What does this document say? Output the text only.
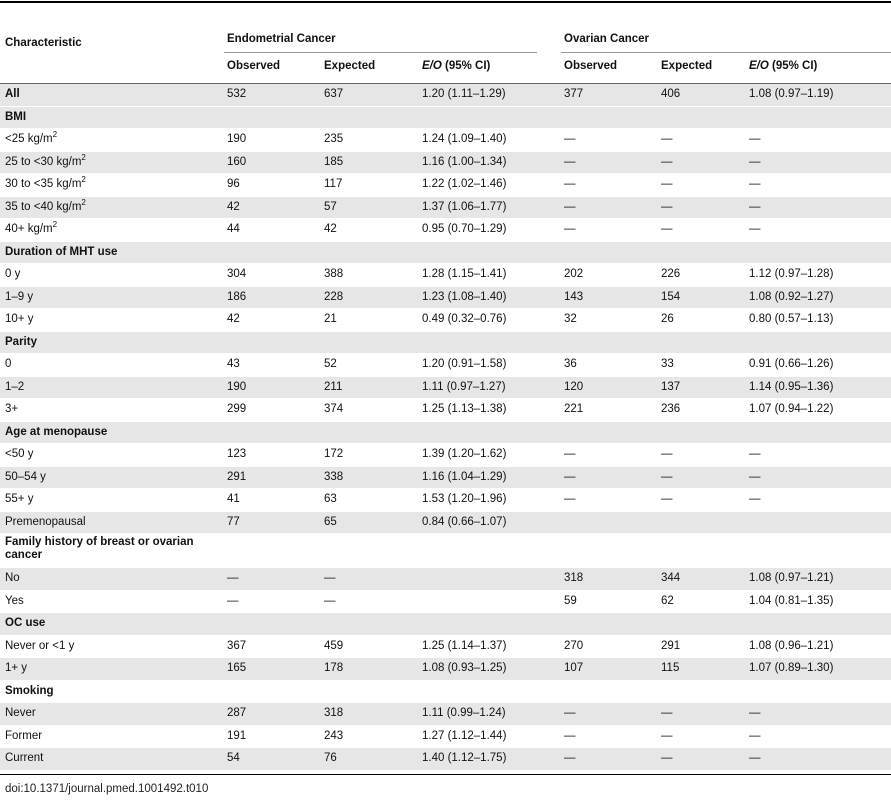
Characteristic	Endometrial Cancer	Ovarian Cancer
Observed	Expected	E/O (95% CI)	Observed	Expected	E/O (95% CI)
All	532	637	1.20 (1.11–1.29)	377	406	1.08 (0.97–1.19)
BMI
<25 $kg/m^2$	190	235	1.24 (1.09–1.40)	—	—	—
25 to <30 $kg/m^2$	160	185	1.16 (1.00–1.34)	—	—	—
30 to <35 $kg/m^2$	96	117	1.22 (1.02–1.46)	—	—	—
35 to <40 $kg/m^2$	42	57	1.37 (1.06–1.77)	—	—	—
$40+ kg/m^2$	44	42	0.95 (0.70–1.29)	—	—	—
Duration of MHT use
0 y	304	388	1.28 (1.15–1.41)	202	226	1.12 (0.97–1.28)
1–9 y	186	228	1.23 (1.08–1.40)	143	154	1.08 (0.92–1.27)
10+ y	42	21	0.49 (0.32–0.76)	32	26	0.80 (0.57–1.13)
Parity
0	43	52	1.20 (0.91–1.58)	36	33	0.91 (0.66–1.26)
1–2	190	211	1.11 (0.97–1.27)	120	137	1.14 (0.95–1.36)
3+	299	374	1.25 (1.13–1.38)	221	236	1.07 (0.94–1.22)
Age at menopause
<50 y	123	172	1.39 (1.20–1.62)	—	—	—
50–54 y	291	338	1.16 (1.04–1.29)	—	—	—
55+ y	41	63	1.53 (1.20–1.96)	—	—	—
Premenopausal	77	65	0.84 (0.66–1.07)
Family history of breast or ovarian cancer
No	—	—	318	344	1.08 (0.97–1.21)
Yes	—	—	59	62	1.04 (0.81–1.35)
OC use
Never or <1 y	367	459	1.25 (1.14–1.37)	270	291	1.08 (0.96–1.21)
1+ y	165	178	1.08 (0.93–1.25)	107	115	1.07 (0.89–1.30)
Smoking
Never	287	318	1.11 (0.99–1.24)	—	—	—
Former	191	243	1.27 (1.12–1.44)	—	—	—
Current	54	76	1.40 (1.12–1.75)	—	—	—
doi:10.1371/journal.pmed.1001492.t010
